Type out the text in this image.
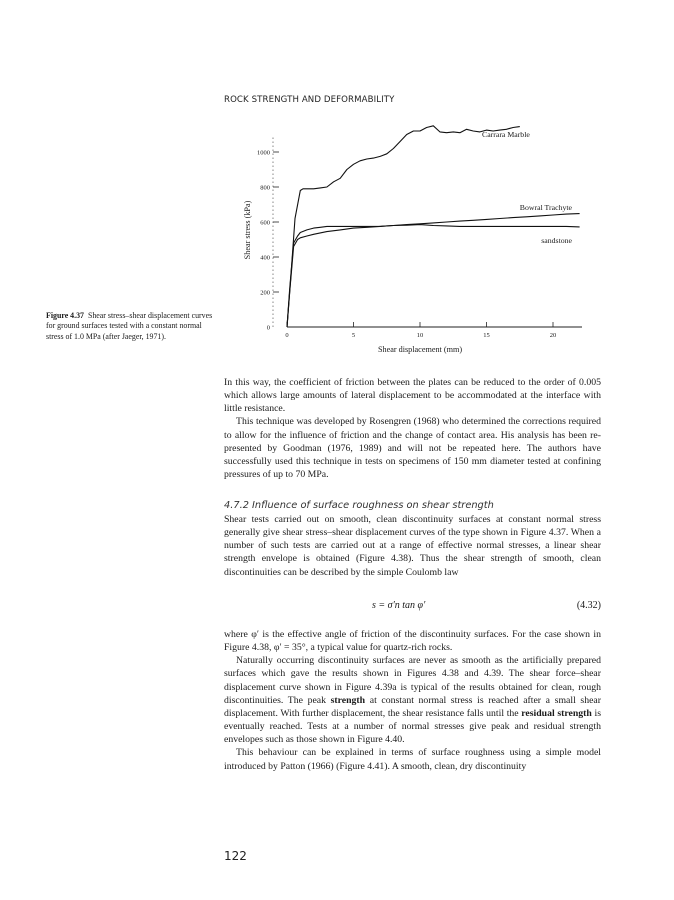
ROCK STRENGTH AND DEFORMABILITY
0
200
400
600
800
1000
0	5	10	15	20
Shear displacement (mm)
Shear stress (kPa)
Carrara Marble
Bowral Trachyte
sandstone
Figure 4.37 Shear stress–shear displacement curves for ground surfaces tested with a constant normal stress of 1.0 MPa (after Jaeger, 1971).

In this way, the coefficient of friction between the plates can be reduced to the order of 0.005 which allows large amounts of lateral displacement to be accommodated at the interface with little resistance.

This technique was developed by Rosengren (1968) who determined the corrections required to allow for the influence of friction and the change of contact area. His analysis has been re-presented by Goodman (1976, 1989) and will not be repeated here. The authors have successfully used this technique in tests on specimens of 150 mm diameter tested at confining pressures of up to 70 MPa.

4.7.2 Influence of surface roughness on shear strength

Shear tests carried out on smooth, clean discontinuity surfaces at constant normal stress generally give shear stress–shear displacement curves of the type shown in Figure 4.37. When a number of such tests are carried out at a range of effective normal stresses, a linear shear strength envelope is obtained (Figure 4.38). Thus the shear strength of smooth, clean discontinuities can be described by the simple Coulomb law

s = σ′n tan φ′	(4.32)

where φ′ is the effective angle of friction of the discontinuity surfaces. For the case shown in Figure 4.38, φ′ = 35°, a typical value for quartz-rich rocks.

Naturally occurring discontinuity surfaces are never as smooth as the artificially prepared surfaces which gave the results shown in Figures 4.38 and 4.39. The shear force–shear displacement curve shown in Figure 4.39a is typical of the results obtained for clean, rough discontinuities. The peak strength at constant normal stress is reached after a small shear displacement. With further displacement, the shear resistance falls until the residual strength is eventually reached. Tests at a number of normal stresses give peak and residual strength envelopes such as those shown in Figure 4.40.

This behaviour can be explained in terms of surface roughness using a simple model introduced by Patton (1966) (Figure 4.41). A smooth, clean, dry discontinuity

122
